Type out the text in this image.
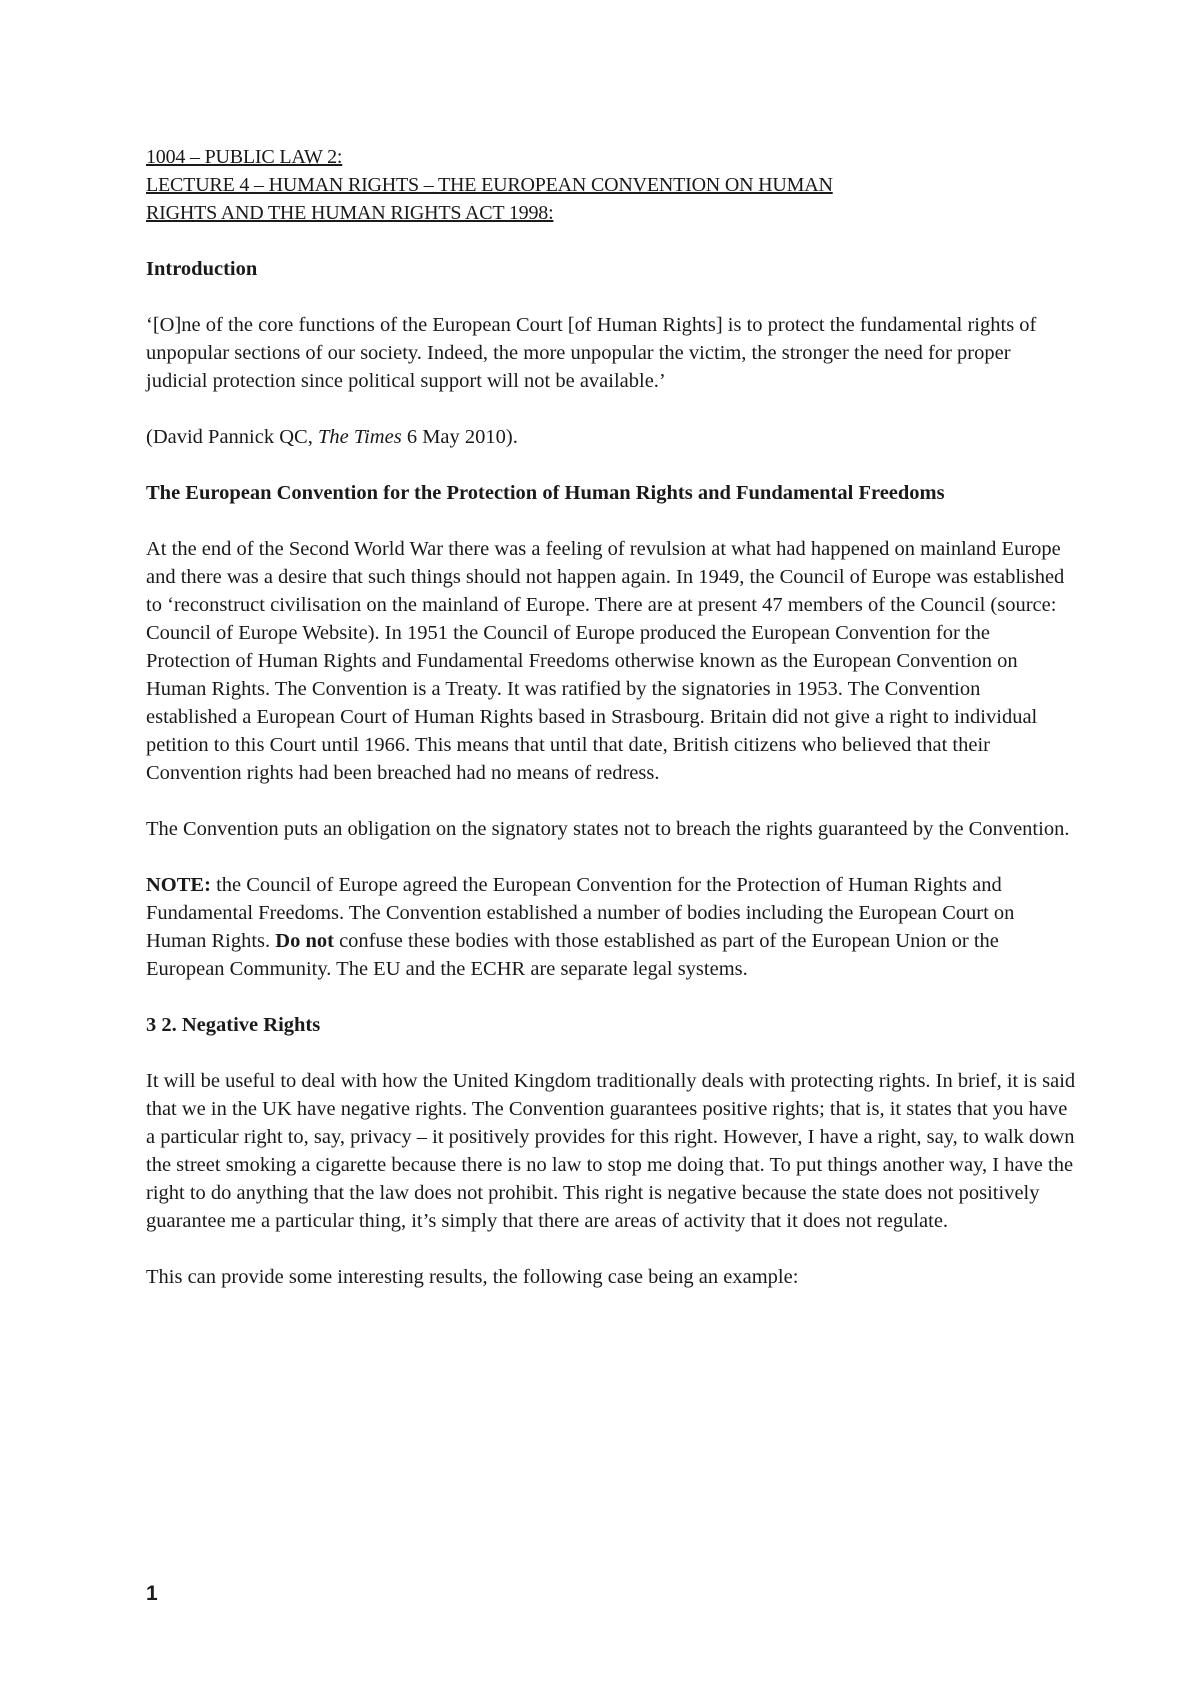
1004 – PUBLIC LAW 2:
LECTURE 4 – HUMAN RIGHTS – THE EUROPEAN CONVENTION ON HUMAN
RIGHTS AND THE HUMAN RIGHTS ACT 1998:

Introduction

‘[O]ne of the core functions of the European Court [of Human Rights] is to protect the fundamental rights of unpopular sections of our society. Indeed, the more unpopular the victim, the stronger the need for proper judicial protection since political support will not be available.’

(David Pannick QC, The Times 6 May 2010).

The European Convention for the Protection of Human Rights and Fundamental Freedoms

At the end of the Second World War there was a feeling of revulsion at what had happened on mainland Europe and there was a desire that such things should not happen again. In 1949, the Council of Europe was established to ‘reconstruct civilisation on the mainland of Europe. There are at present 47 members of the Council (source: Council of Europe Website). In 1951 the Council of Europe produced the European Convention for the Protection of Human Rights and Fundamental Freedoms otherwise known as the European Convention on Human Rights. The Convention is a Treaty. It was ratified by the signatories in 1953. The Convention established a European Court of Human Rights based in Strasbourg. Britain did not give a right to individual petition to this Court until 1966. This means that until that date, British citizens who believed that their Convention rights had been breached had no means of redress.

The Convention puts an obligation on the signatory states not to breach the rights guaranteed by the Convention.

NOTE: the Council of Europe agreed the European Convention for the Protection of Human Rights and Fundamental Freedoms. The Convention established a number of bodies including the European Court on Human Rights. Do not confuse these bodies with those established as part of the European Union or the European Community. The EU and the ECHR are separate legal systems.

3 2. Negative Rights

It will be useful to deal with how the United Kingdom traditionally deals with protecting rights. In brief, it is said that we in the UK have negative rights. The Convention guarantees positive rights; that is, it states that you have a particular right to, say, privacy – it positively provides for this right. However, I have a right, say, to walk down the street smoking a cigarette because there is no law to stop me doing that. To put things another way, I have the right to do anything that the law does not prohibit. This right is negative because the state does not positively guarantee me a particular thing, it’s simply that there are areas of activity that it does not regulate.

This can provide some interesting results, the following case being an example:

1
